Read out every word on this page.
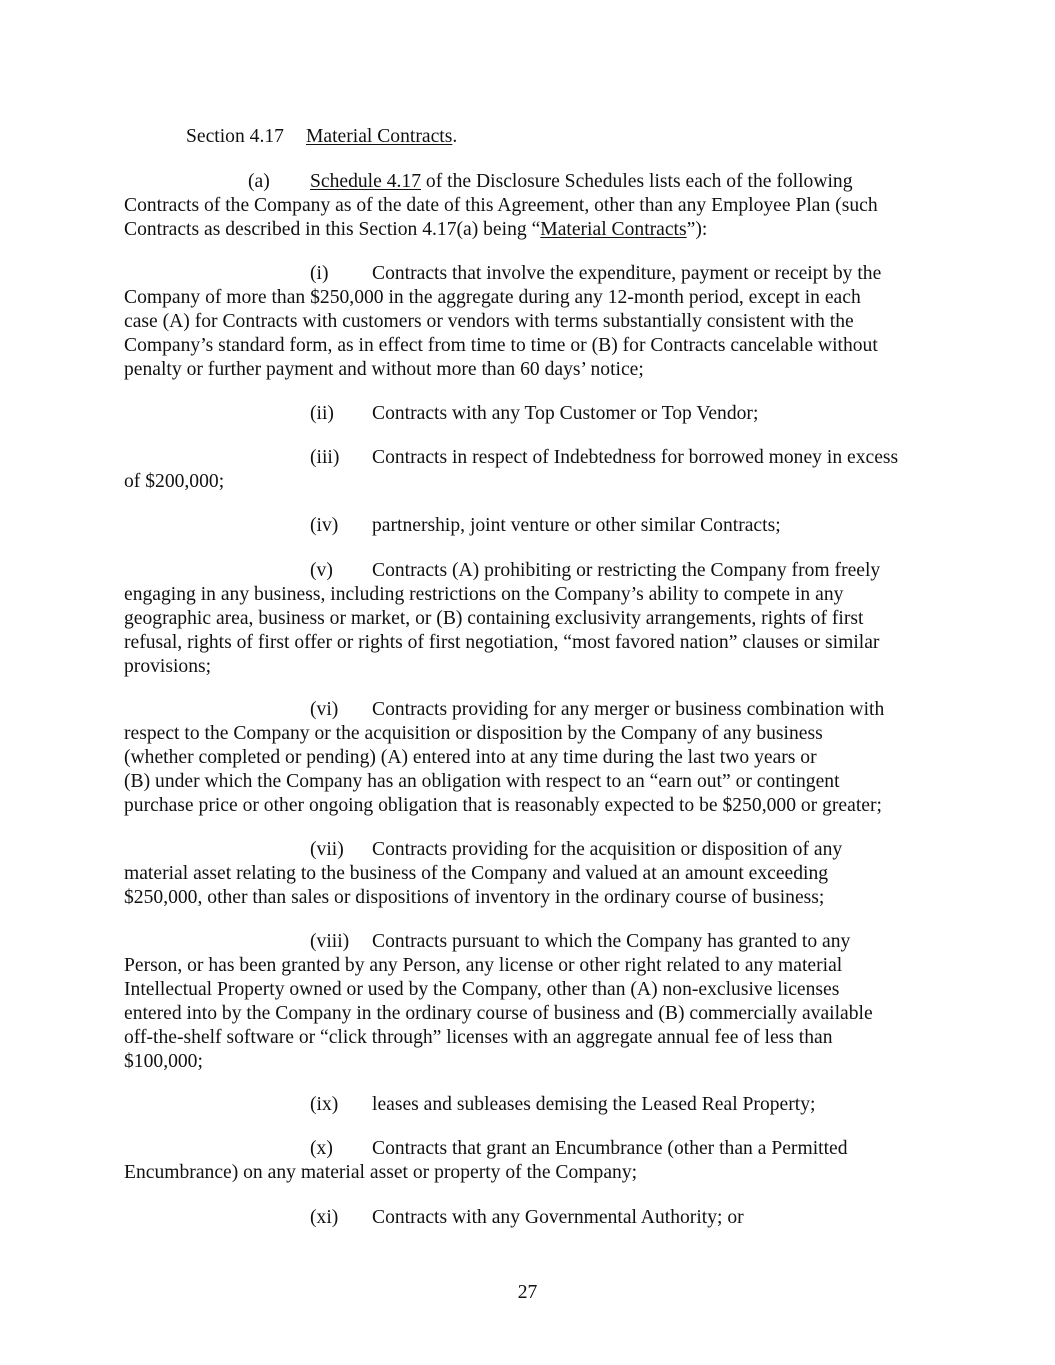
Section 4.17 Material Contracts.

(a) Schedule 4.17 of the Disclosure Schedules lists each of the following

Contracts of the Company as of the date of this Agreement, other than any Employee Plan (such

Contracts as described in this Section 4.17(a) being “Material Contracts”):

(i) Contracts that involve the expenditure, payment or receipt by the

Company of more than $250,000 in the aggregate during any 12-month period, except in each

case (A) for Contracts with customers or vendors with terms substantially consistent with the

Company’s standard form, as in effect from time to time or (B) for Contracts cancelable without

penalty or further payment and without more than 60 days’ notice;

(ii) Contracts with any Top Customer or Top Vendor;

(iii) Contracts in respect of Indebtedness for borrowed money in excess

of $200,000;

(iv) partnership, joint venture or other similar Contracts;

(v) Contracts (A) prohibiting or restricting the Company from freely

engaging in any business, including restrictions on the Company’s ability to compete in any

geographic area, business or market, or (B) containing exclusivity arrangements, rights of first

refusal, rights of first offer or rights of first negotiation, “most favored nation” clauses or similar

provisions;

(vi) Contracts providing for any merger or business combination with

respect to the Company or the acquisition or disposition by the Company of any business

(whether completed or pending) (A) entered into at any time during the last two years or

(B) under which the Company has an obligation with respect to an “earn out” or contingent

purchase price or other ongoing obligation that is reasonably expected to be $250,000 or greater;

(vii) Contracts providing for the acquisition or disposition of any

material asset relating to the business of the Company and valued at an amount exceeding

$250,000, other than sales or dispositions of inventory in the ordinary course of business;

(viii) Contracts pursuant to which the Company has granted to any

Person, or has been granted by any Person, any license or other right related to any material

Intellectual Property owned or used by the Company, other than (A) non-exclusive licenses

entered into by the Company in the ordinary course of business and (B) commercially available

off-the-shelf software or “click through” licenses with an aggregate annual fee of less than

$100,000;

(ix) leases and subleases demising the Leased Real Property;

(x) Contracts that grant an Encumbrance (other than a Permitted

Encumbrance) on any material asset or property of the Company;

(xi) Contracts with any Governmental Authority; or

27
